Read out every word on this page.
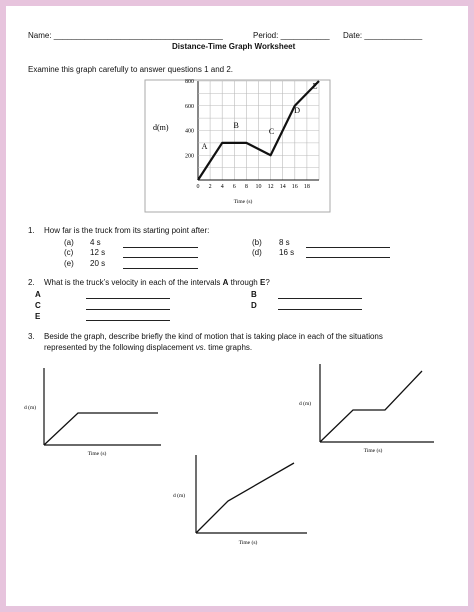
Name: ______________________________________	Period: ___________ Date: _____________
Distance-Time Graph Worksheet
Examine this graph carefully to answer questions 1 and 2.
800
600
400
200
0 2 4 6 8 10 12 14 16 18
A
B
C
D
E
d(m)
Time (s)
1. How far is the truck from its starting point after:
(a) 4 s	(b) 8 s
(c) 12 s	(d) 16 s
(e) 20 s
2. What is the truck’s velocity in each of the intervals A through E?
A	B
C	D
E
3. Beside the graph, describe briefly the kind of motion that is taking place in each of the situations
represented by the following displacement vs. time graphs.
d (m)
Time (s)
d (m)
Time (s)
d (m)
Time (s)
